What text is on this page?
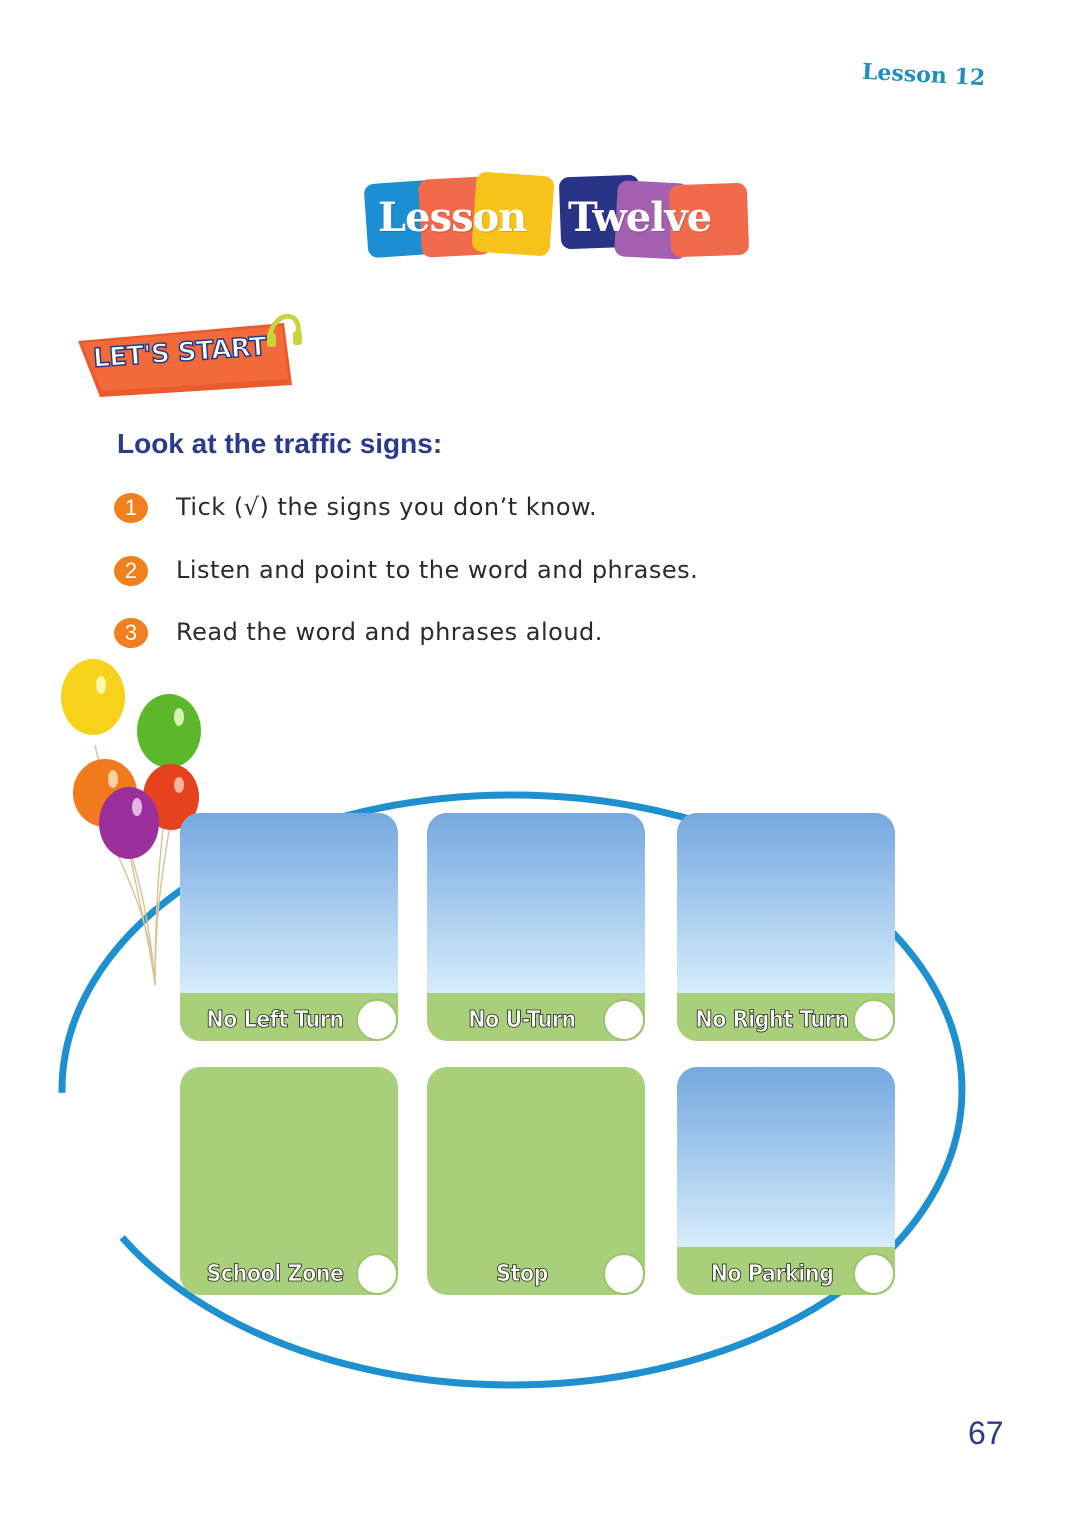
Lesson 12
Lesson Twelve
LET'S START
Look at the traffic signs:
1	Tick (√) the signs you don’t know.
2	Listen and point to the word and phrases.
3	Read the word and phrases aloud.
No Left Turn	No U-Turn	No Right Turn
School Zone	Stop	No Parking
67
